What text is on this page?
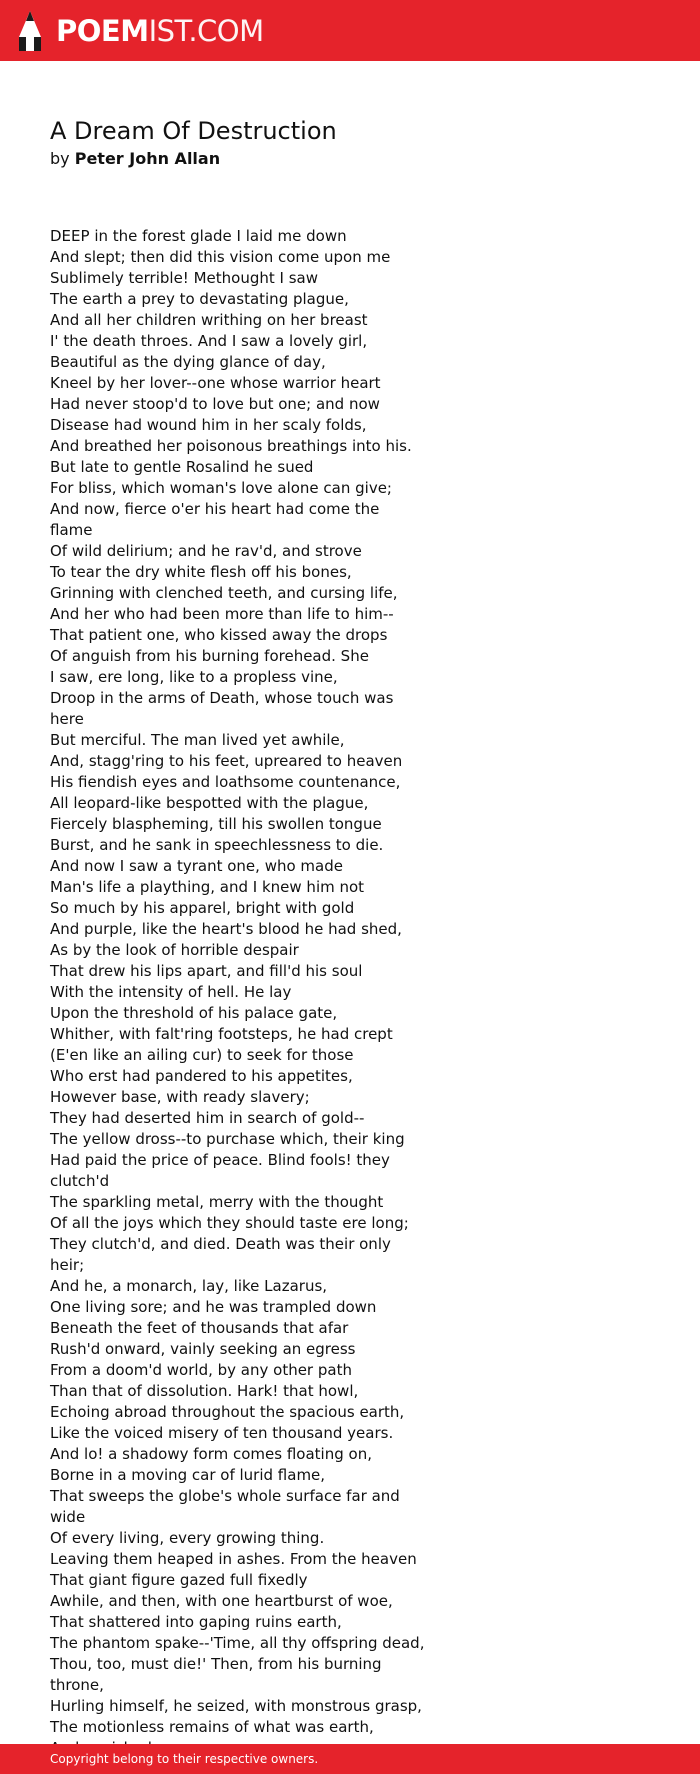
POEMIST.COM
A Dream Of Destruction
by Peter John Allan
DEEP in the forest glade I laid me down
And slept; then did this vision come upon me
Sublimely terrible! Methought I saw
The earth a prey to devastating plague,
And all her children writhing on her breast
I' the death throes. And I saw a lovely girl,
Beautiful as the dying glance of day,
Kneel by her lover--one whose warrior heart
Had never stoop'd to love but one; and now
Disease had wound him in her scaly folds,
And breathed her poisonous breathings into his.
But late to gentle Rosalind he sued
For bliss, which woman's love alone can give;
And now, fierce o'er his heart had come the flame
Of wild delirium; and he rav'd, and strove
To tear the dry white flesh off his bones,
Grinning with clenched teeth, and cursing life,
And her who had been more than life to him--
That patient one, who kissed away the drops
Of anguish from his burning forehead. She
I saw, ere long, like to a propless vine,
Droop in the arms of Death, whose touch was here
But merciful. The man lived yet awhile,
And, stagg'ring to his feet, upreared to heaven
His fiendish eyes and loathsome countenance,
All leopard-like bespotted with the plague,
Fiercely blaspheming, till his swollen tongue
Burst, and he sank in speechlessness to die.
And now I saw a tyrant one, who made
Man's life a plaything, and I knew him not
So much by his apparel, bright with gold
And purple, like the heart's blood he had shed,
As by the look of horrible despair
That drew his lips apart, and fill'd his soul
With the intensity of hell. He lay
Upon the threshold of his palace gate,
Whither, with falt'ring footsteps, he had crept
(E'en like an ailing cur) to seek for those
Who erst had pandered to his appetites,
However base, with ready slavery;
They had deserted him in search of gold--
The yellow dross--to purchase which, their king
Had paid the price of peace. Blind fools! they clutch'd
The sparkling metal, merry with the thought
Of all the joys which they should taste ere long;
They clutch'd, and died. Death was their only heir;
And he, a monarch, lay, like Lazarus,
One living sore; and he was trampled down
Beneath the feet of thousands that afar
Rush'd onward, vainly seeking an egress
From a doom'd world, by any other path
Than that of dissolution. Hark! that howl,
Echoing abroad throughout the spacious earth,
Like the voiced misery of ten thousand years.
And lo! a shadowy form comes floating on,
Borne in a moving car of lurid flame,
That sweeps the globe's whole surface far and wide
Of every living, every growing thing.
Leaving them heaped in ashes. From the heaven
That giant figure gazed full fixedly
Awhile, and then, with one heartburst of woe,
That shattered into gaping ruins earth,
The phantom spake--'Time, all thy offspring dead,
Thou, too, must die!' Then, from his burning throne,
Hurling himself, he seized, with monstrous grasp,
The motionless remains of what was earth,
Copyright belong to their respective owners.
